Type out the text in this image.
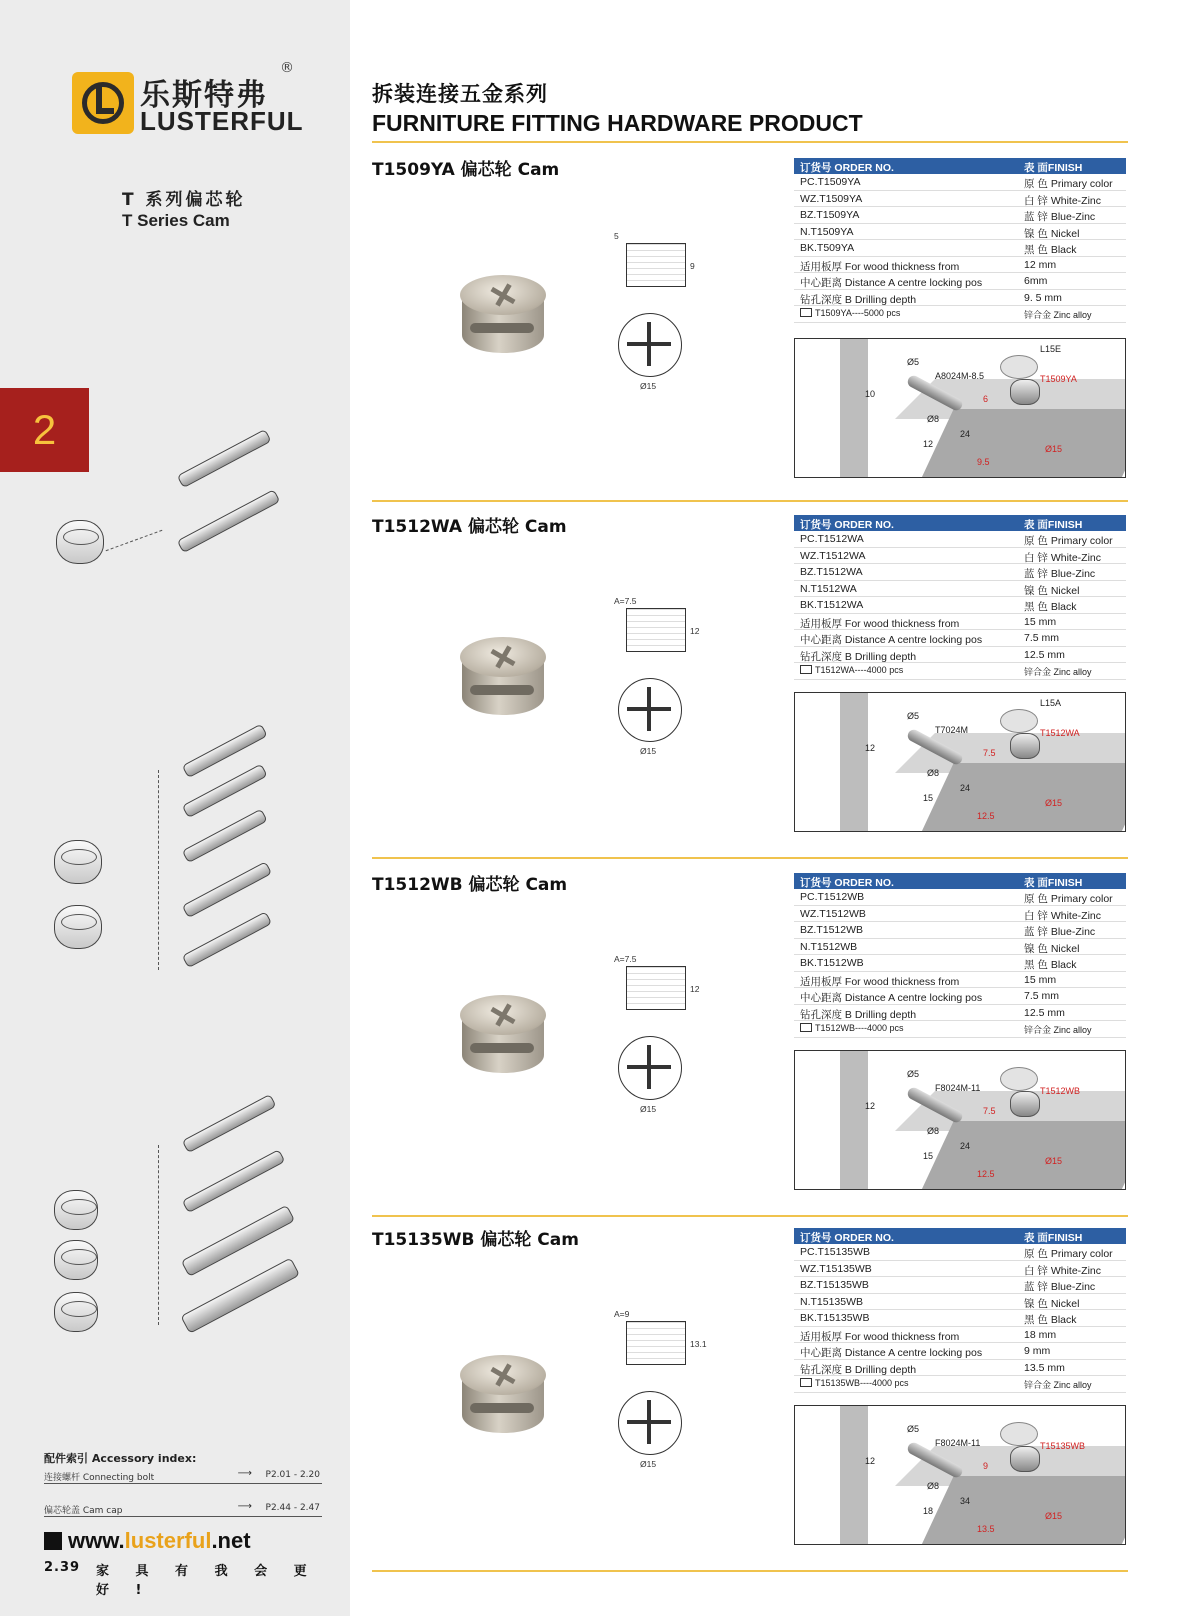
乐斯特弗
LUSTERFUL
®
T 系列偏芯轮
T Series Cam
2
配件索引 Accessory index:
连接螺杆 Connecting bolt	⟶ P2.01 - 2.20
偏芯轮盖 Cam cap	⟶ P2.44 - 2.47
www.lusterful.net
2.39 家 具 有 我 会 更 好 !
拆装连接五金系列
FURNITURE FITTING HARDWARE PRODUCT
T1509YA 偏芯轮 Cam	订货号 ORDER NO.	表 面FINISH
PC.T1509YA	原 色 Primary color
WZ.T1509YA	白 锌 White-Zinc
BZ.T1509YA	蓝 锌 Blue-Zinc
N.T1509YA	镍 色 Nickel
BK.T509YA	黑 色 Black
适用板厚 For wood thickness from	12 mm
中心距离 Distance A centre locking pos	6mm
钻孔深度 B Drilling depth	9. 5 mm
T1509YA----5000 pcs	锌合金 Zinc alloy
5
9
Ø15
L15E
A8024M-8.5	T1509YA
Ø5
Ø8
10
12
24
6
9.5
Ø15
T1512WA 偏芯轮 Cam	订货号 ORDER NO.	表 面FINISH
PC.T1512WA	原 色 Primary color
WZ.T1512WA	白 锌 White-Zinc
BZ.T1512WA	蓝 锌 Blue-Zinc
N.T1512WA	镍 色 Nickel
BK.T1512WA	黑 色 Black
适用板厚 For wood thickness from	15 mm
中心距离 Distance A centre locking pos	7.5 mm
钻孔深度 B Drilling depth	12.5 mm
T1512WA----4000 pcs	锌合金 Zinc alloy
A=7.5
12
Ø15
L15A
T7024M	T1512WA
Ø5
Ø8
12
15
24
7.5
12.5
Ø15
T1512WB 偏芯轮 Cam	订货号 ORDER NO.	表 面FINISH
PC.T1512WB	原 色 Primary color
WZ.T1512WB	白 锌 White-Zinc
BZ.T1512WB	蓝 锌 Blue-Zinc
N.T1512WB	镍 色 Nickel
BK.T1512WB	黑 色 Black
适用板厚 For wood thickness from	15 mm
中心距离 Distance A centre locking pos	7.5 mm
钻孔深度 B Drilling depth	12.5 mm
T1512WB----4000 pcs	锌合金 Zinc alloy
A=7.5
12
Ø15
F8024M-11	T1512WB
Ø5
Ø8
12
15
24
7.5
12.5
Ø15
T15135WB 偏芯轮 Cam	订货号 ORDER NO.	表 面FINISH
PC.T15135WB	原 色 Primary color
WZ.T15135WB	白 锌 White-Zinc
BZ.T15135WB	蓝 锌 Blue-Zinc
N.T15135WB	镍 色 Nickel
BK.T15135WB	黑 色 Black
适用板厚 For wood thickness from	18 mm
中心距离 Distance A centre locking pos	9 mm
钻孔深度 B Drilling depth	13.5 mm
T15135WB----4000 pcs	锌合金 Zinc alloy
A=9
13.1
Ø15
F8024M-11	T15135WB
Ø5
Ø8
12
18
34
9
13.5
Ø15
